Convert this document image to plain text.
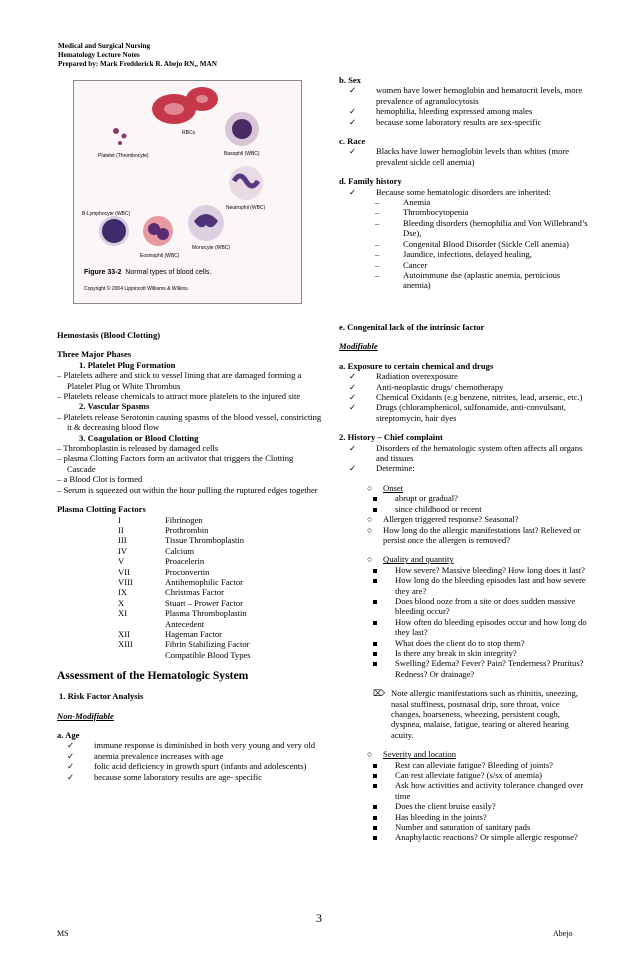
Medical and Surgical Nursing
Hematology Lecture Notes
Prepared by: Mark Fredderick R. Abejo RN,, MAN
RBCs
Platelet (Thrombocyte)	Basophil (WBC)
Neutrophil (WBC)
B-Lymphocyte (WBC)
Eosinophil (WBC)
Monocyte (WBC)
Figure 33-2 Normal types of blood cells.
Copyright © 2004 Lippincott Williams & Wilkins.
Hemostasis (Blood Clotting)
Three Major Phases
1. Platelet Plug Formation
– Platelets adhere and stick to vessel lining that are damaged forming a Platelet Plug or White Thrombus
– Platelets release chemicals to attract more platelets to the injured site
2. Vascular Spasms
– Platelets release Serotonin causing spasms of the blood vessel, constricting it & decreasing blood flow
3. Coagulation or Blood Clotting
– Thromboplastin is released by damaged cells
– plasma Clotting Factors form an activator that triggers the Clotting Cascade
– a Blood Clot is formed
– Serum is squeezed out within the hour pulling the ruptured edges together
Plasma Clotting Factors
I	Fibrinogen
II	Prothrombin
III	Tissue Thromboplastin
IV	Calcium
V	Proacelerin
VII	Proconvertin
VIII	Antihemophilic Factor
IX	Christmas Factor
X	Stuart – Prower Factor
XI	Plasma Thromboplastin Antecedent
XII	Hageman Factor
XIII	Fibrin Stabilizing Factor Compatible Blood Types
Assessment of the Hematologic System
1. Risk Factor Analysis
Non-Modifiable
a. Age
✓	immune response is diminished in both very young and very old
✓	anemia prevalence increases with age
✓	folic acid deficiency in growth spurt (infants and adolescents)
✓	because some laboratory results are age- specific
b. Sex
✓	women have lower hemoglobin and hematocrit levels, more prevalence of agranulocytosis
✓	hemophilia, bleeding expressed among males
✓	because some laboratory results are sex-specific
c. Race
✓	Blacks have lower hemoglobin levels than whites (more prevalent sickle cell anemia)
d. Family history
✓	Because some hematologic disorders are inherited:
–	Anemia
–	Thrombocytopenia
–	Bleeding disorders (hemophilia and Von Willebrand’s Dse),
–	Congenital Blood Disorder (Sickle Cell anemia)
–	Jaundice, infections, delayed healing,
–	Cancer
–	Autoimmune dse (aplastic anemia, pernicious anemia)
e. Congenital lack of the intrinsic factor
Modifiable
a. Exposure to certain chemical and drugs
✓	Radiation overexposure
✓	Anti-neoplastic drugs/ chemotherapy
✓	Chemical Oxidants (e.g benzene, nitrites, lead, arsenic, etc.)
✓	Drugs (chloramphenicol, sulfonamide, anti-convulsant, streptomycin, hair dyes
2. History – Chief complaint
✓	Disorders of the hematologic system often affects all organs and tissues
✓	Determine:
○	Onset
abrupt or gradual?
since childhood or recent
○	Allergen triggered response? Seasonal?
○	How long do the allergic manifestations last? Relieved or persist once the allergen is removed?
○	Quality and quantity
How severe? Massive bleeding? How long does it last?
How long do the bleeding episodes last and how severe they are?
Does blood ooze from a site or does sudden massive bleeding occur?
How often do bleeding episodes occur and how long do they last?
What does the client do to stop them?
Is there any break in skin integrity?
Swelling? Edema? Fever? Pain? Tenderness? Pruritus? Redness? Or drainage?
⌦ Note allergic manifestations such as rhinitis, sneezing, nasal stuffiness, postnasal drip, sore throat, voice changes, hoarseness, wheezing, persistent cough, dyspnea, malaise, fatigue, tearing or altered hearing acuity.
○	Severity and location
Rest can alleviate fatigue? Bleeding of joints?
Can rest alleviate fatigue? (s/sx of anemia)
Ask how activities and activity tolerance changed over time
Does the client bruise easily?
Has bleeding in the joints?
Number and saturation of sanitary pads
Anaphylactic reactions? Or simple allergic response?
3
MS	Abejo
